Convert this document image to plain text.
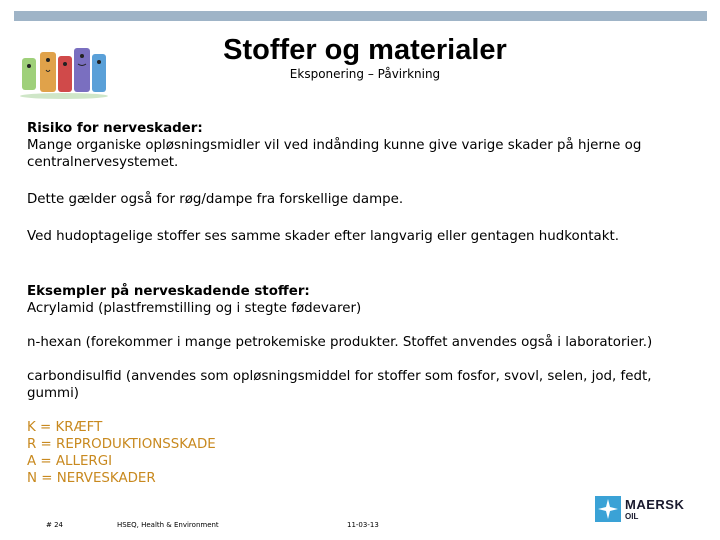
Stoffer og materialer
Eksponering – Påvirkning

Risiko for nerveskader:

Mange organiske opløsningsmidler vil ved indånding kunne give varige skader på hjerne og

centralnervesystemet.

Dette gælder også for røg/dampe fra forskellige dampe.

Ved hudoptagelige stoffer ses samme skader efter langvarig eller gentagen hudkontakt.

Eksempler på nerveskadende stoffer:

Acrylamid (plastfremstilling og i stegte fødevarer)

n-hexan (forekommer i mange petrokemiske produkter. Stoffet anvendes også i laboratorier.)

carbondisulfid (anvendes som opløsningsmiddel for stoffer som fosfor, svovl, selen, jod, fedt,

gummi)

K = KRÆFT

R = REPRODUKTIONSSKADE

A = ALLERGI

N = NERVESKADER

# 24	HSEQ, Health & Environment	11-03-13
MAERSK
OIL
